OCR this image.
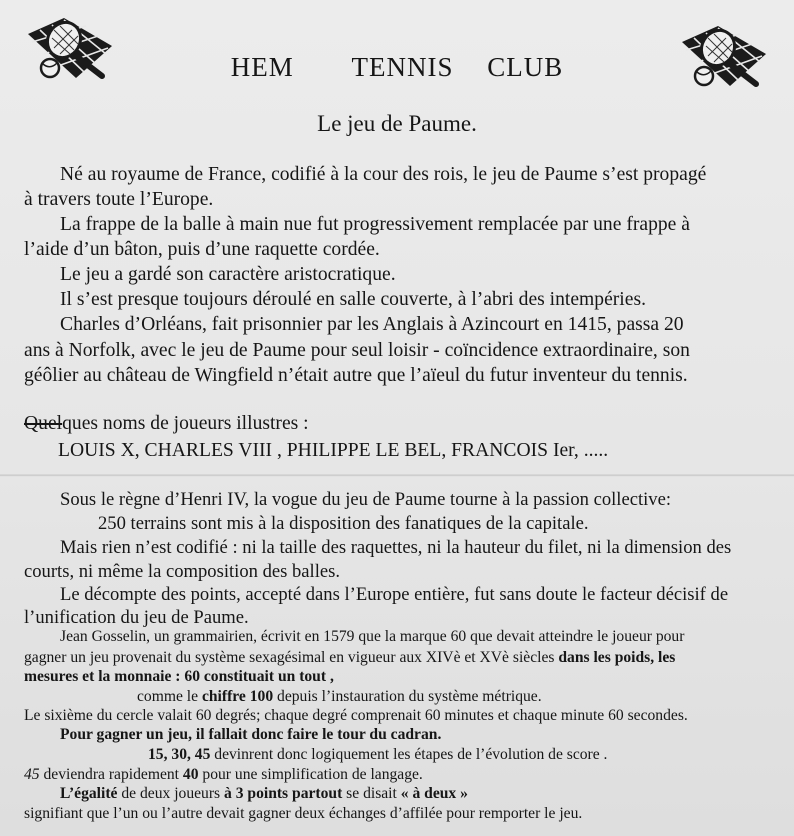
HEM TENNIS CLUB
Le jeu de Paume.
Né au royaume de France, codifié à la cour des rois, le jeu de Paume s’est propagé
à travers toute l’Europe.
La frappe de la balle à main nue fut progressivement remplacée par une frappe à
l’aide d’un bâton, puis d’une raquette cordée.
Le jeu a gardé son caractère aristocratique.
Il s’est presque toujours déroulé en salle couverte, à l’abri des intempéries.
Charles d’Orléans, fait prisonnier par les Anglais à Azincourt en 1415, passa 20
ans à Norfolk, avec le jeu de Paume pour seul loisir - coïncidence extraordinaire, son
géôlier au château de Wingfield n’était autre que l’aïeul du futur inventeur du tennis.
Quelques noms de joueurs illustres :
LOUIS X, CHARLES VIII , PHILIPPE LE BEL, FRANCOIS Ier, .....
Sous le règne d’Henri IV, la vogue du jeu de Paume tourne à la passion collective:
250 terrains sont mis à la disposition des fanatiques de la capitale.
Mais rien n’est codifié : ni la taille des raquettes, ni la hauteur du filet, ni la dimension des
courts, ni même la composition des balles.
Le décompte des points, accepté dans l’Europe entière, fut sans doute le facteur décisif de
l’unification du jeu de Paume.
Jean Gosselin, un grammairien, écrivit en 1579 que la marque 60 que devait atteindre le joueur pour
gagner un jeu provenait du système sexagésimal en vigueur aux XIVè et XVè siècles dans les poids, les
mesures et la monnaie : 60 constituait un tout ,
comme le chiffre 100 depuis l’instauration du système métrique.
Le sixième du cercle valait 60 degrés; chaque degré comprenait 60 minutes et chaque minute 60 secondes.
Pour gagner un jeu, il fallait donc faire le tour du cadran.
15, 30, 45 devinrent donc logiquement les étapes de l’évolution de score .
45 deviendra rapidement 40 pour une simplification de langage.
L’égalité de deux joueurs à 3 points partout se disait « à deux »
signifiant que l’un ou l’autre devait gagner deux échanges d’affilée pour remporter le jeu.
